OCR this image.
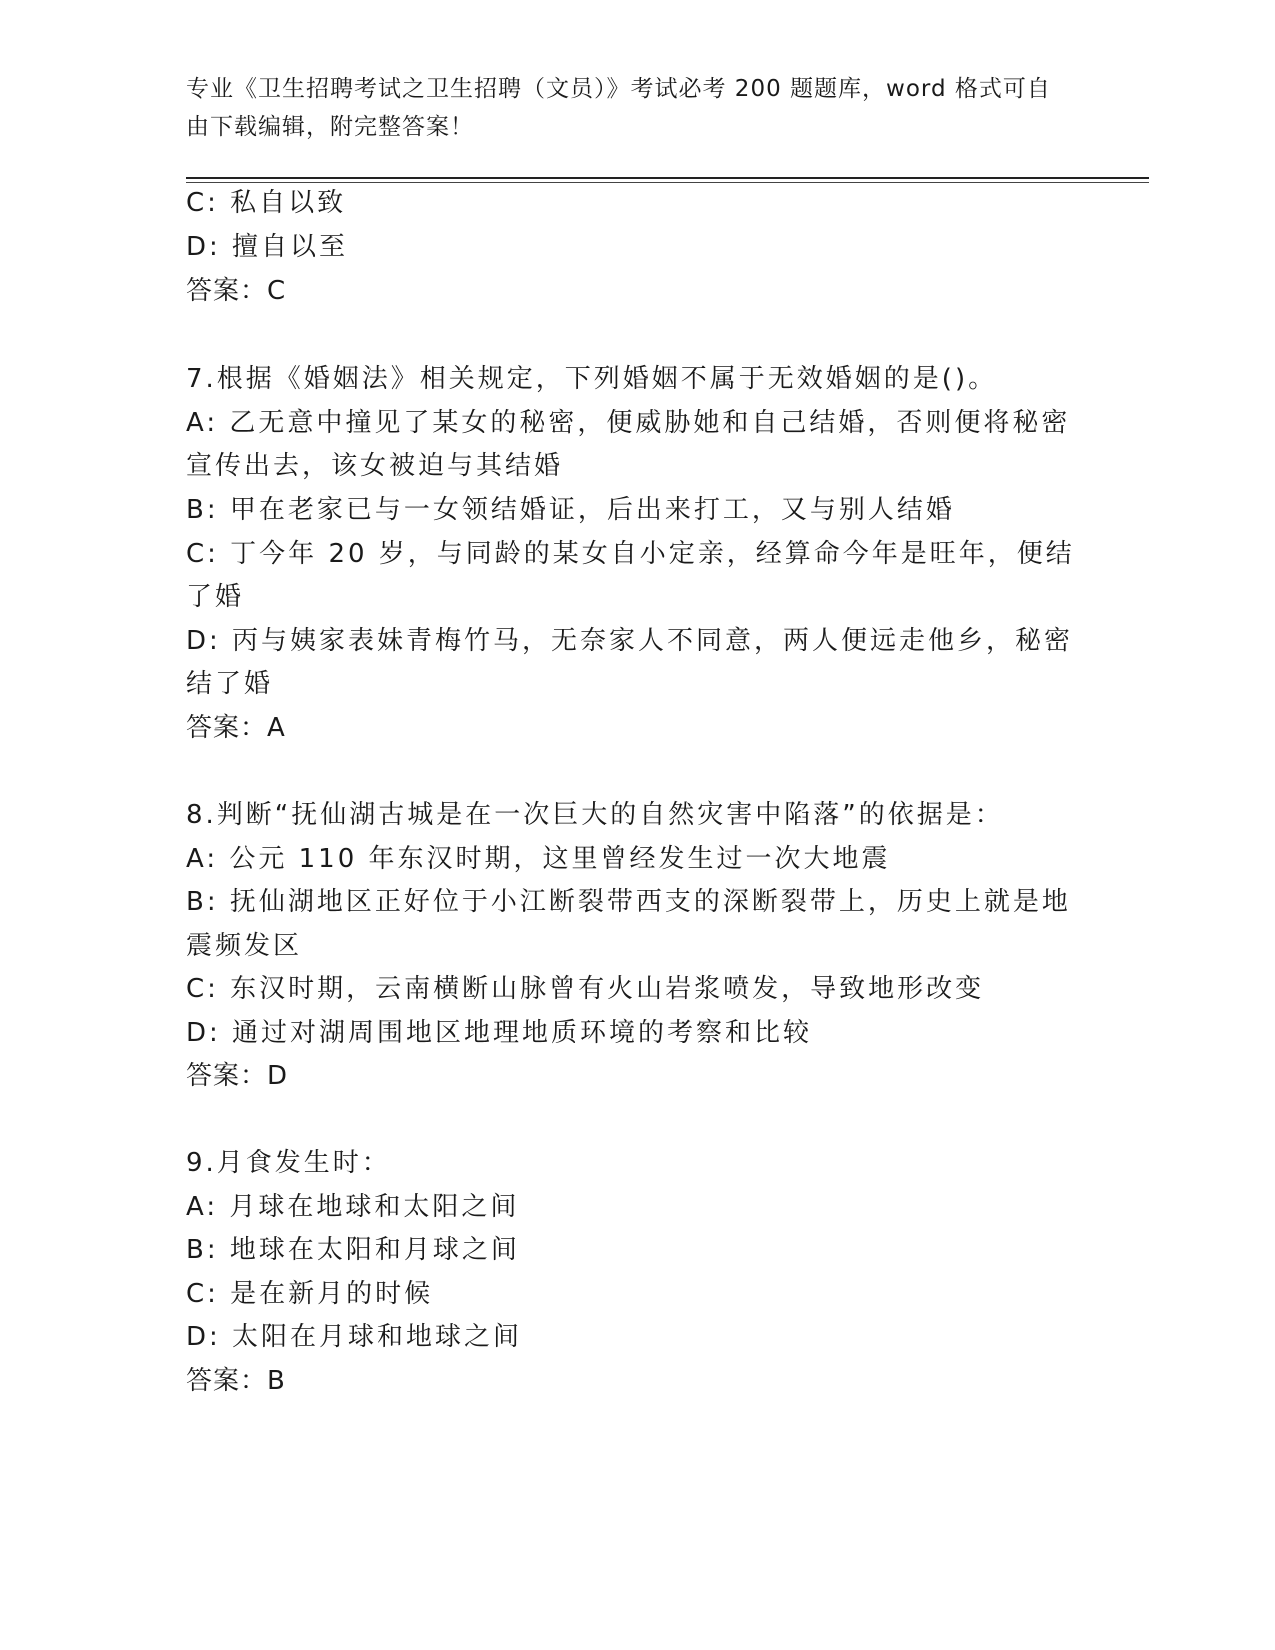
专业《卫生招聘考试之卫生招聘（文员）》考试必考 200 题题库，word 格式可自
由下载编辑，附完整答案！
C: 私自以致
D: 擅自以至
答案：C
7.根据《婚姻法》相关规定，下列婚姻不属于无效婚姻的是()。
A: 乙无意中撞见了某女的秘密，便威胁她和自己结婚，否则便将秘密
宣传出去，该女被迫与其结婚
B: 甲在老家已与一女领结婚证，后出来打工，又与别人结婚
C: 丁今年 20 岁，与同龄的某女自小定亲，经算命今年是旺年，便结
了婚
D: 丙与姨家表妹青梅竹马，无奈家人不同意，两人便远走他乡，秘密
结了婚
答案：A
8.判断“抚仙湖古城是在一次巨大的自然灾害中陷落”的依据是：
A: 公元 110 年东汉时期，这里曾经发生过一次大地震
B: 抚仙湖地区正好位于小江断裂带西支的深断裂带上，历史上就是地
震频发区
C: 东汉时期，云南横断山脉曾有火山岩浆喷发，导致地形改变
D: 通过对湖周围地区地理地质环境的考察和比较
答案：D
9.月食发生时：
A: 月球在地球和太阳之间
B: 地球在太阳和月球之间
C: 是在新月的时候
D: 太阳在月球和地球之间
答案：B
